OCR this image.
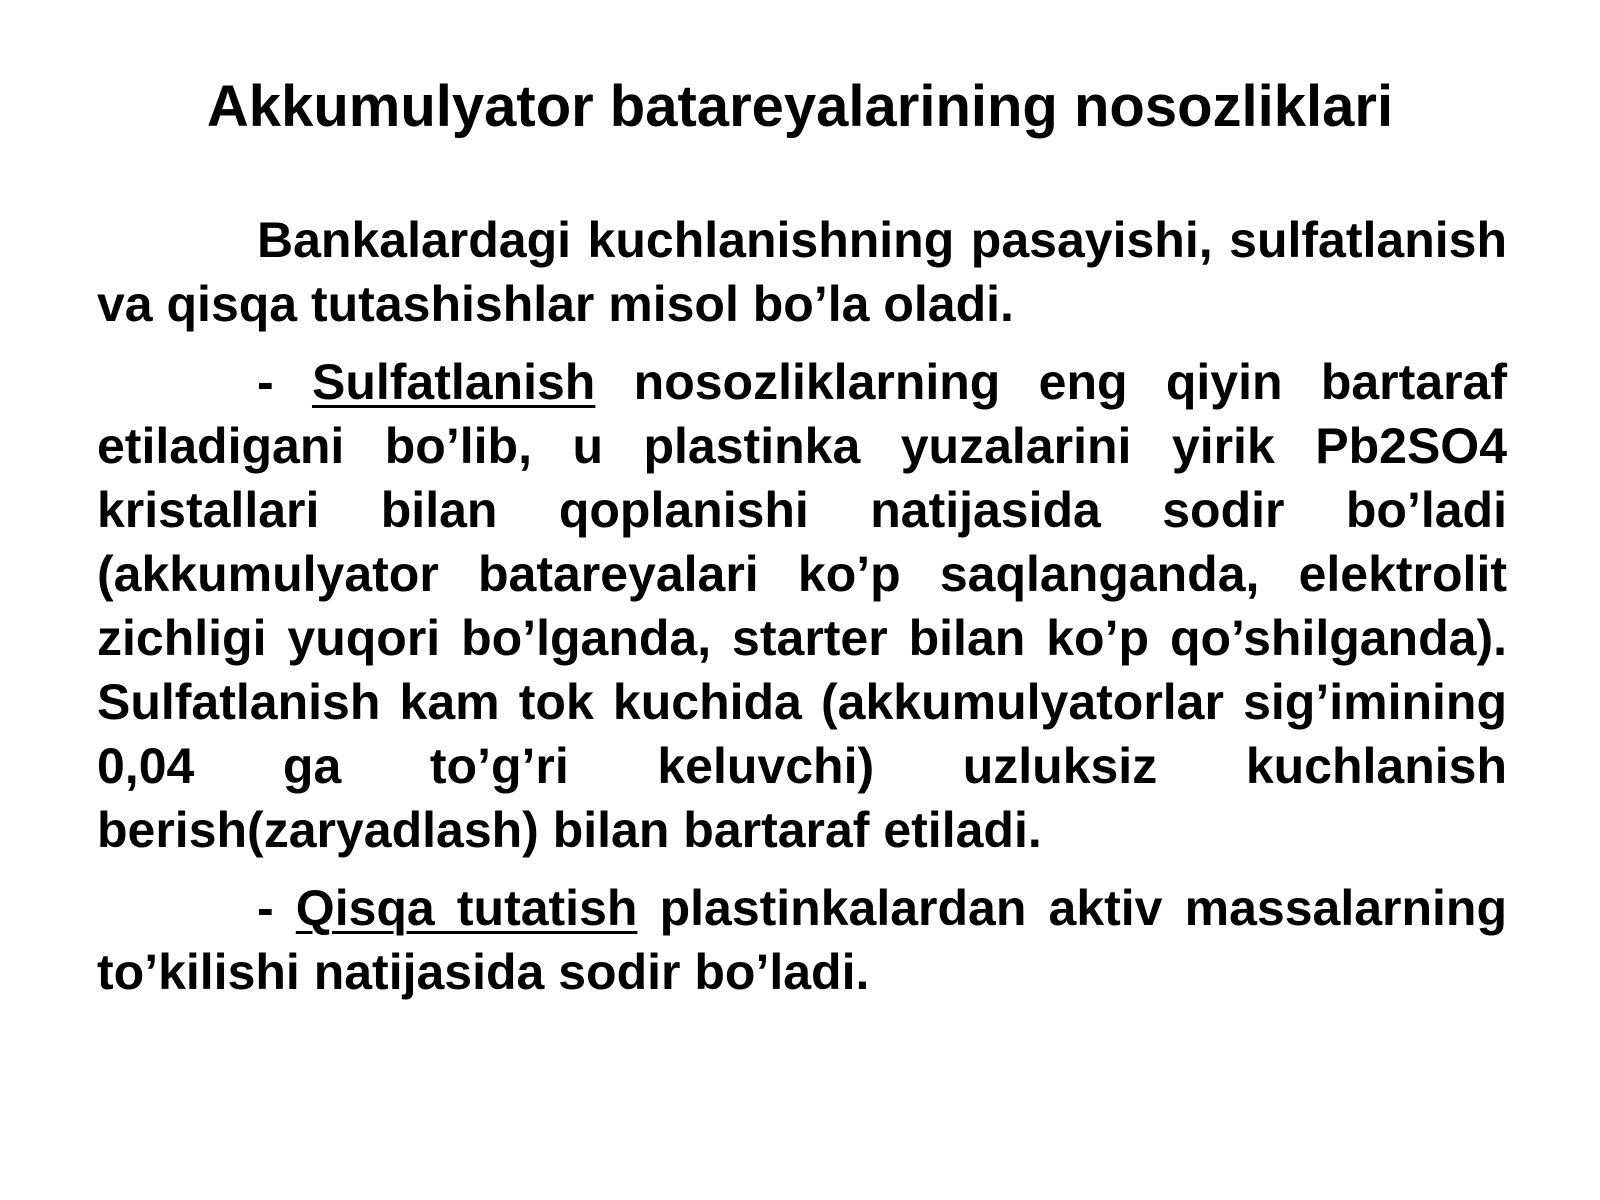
Akkumulyator batareyalarining nosozliklari

Bankalardagi kuchlanishning pasayishi, sulfatlanish va qisqa tutashishlar misol bo’la oladi.

- Sulfatlanish nosozliklarning eng qiyin bartaraf etiladigani bo’lib, u plastinka yuzalarini yirik Pb2SO4 kristallari bilan qoplanishi natijasida sodir bo’ladi (akkumulyator batareyalari ko’p saqlanganda, elektrolit zichligi yuqori bo’lganda, starter bilan ko’p qo’shilganda). Sulfatlanish kam tok kuchida (akkumulyatorlar sig’imining 0,04 ga to’g’ri keluvchi) uzluksiz kuchlanish berish(zaryadlash) bilan bartaraf etiladi.

- Qisqa tutatish plastinkalardan aktiv massalarning to’kilishi natijasida sodir bo’ladi.
